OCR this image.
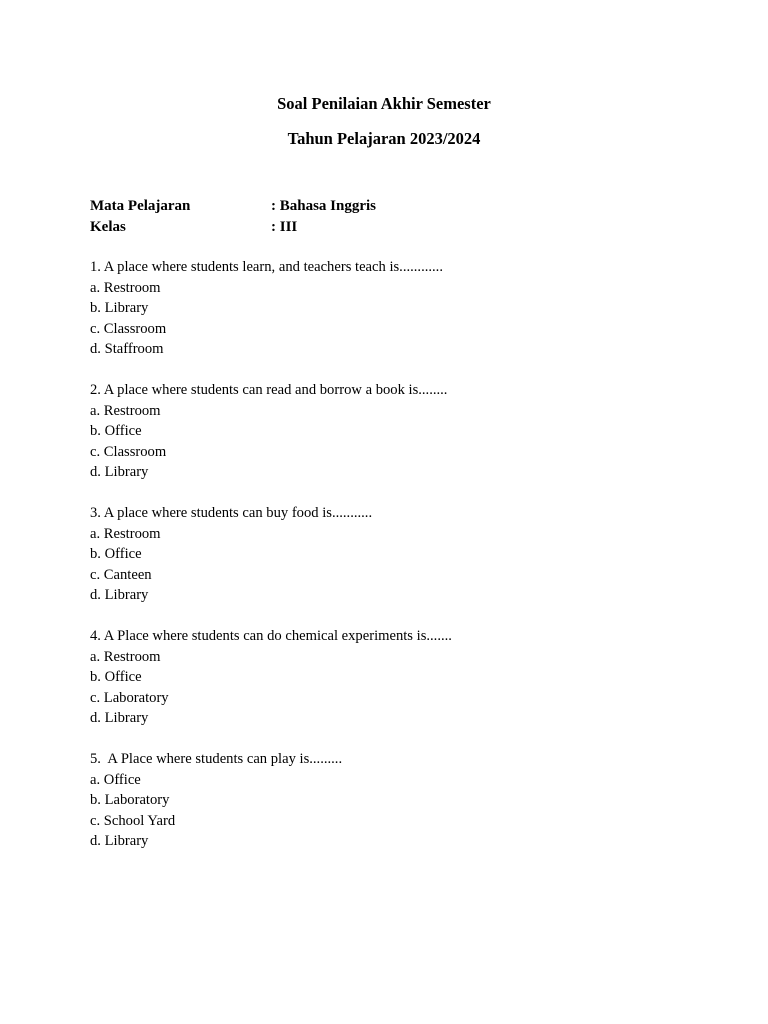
Soal Penilaian Akhir Semester
Tahun Pelajaran 2023/2024
Mata Pelajaran	: Bahasa Inggris
Kelas	: III
1. A place where students learn, and teachers teach is............
a. Restroom
b. Library
c. Classroom
d. Staffroom
2. A place where students can read and borrow a book is........
a. Restroom
b. Office
c. Classroom
d. Library
3. A place where students can buy food is...........
a. Restroom
b. Office
c. Canteen
d. Library
4. A Place where students can do chemical experiments is.......
a. Restroom
b. Office
c. Laboratory
d. Library
5.  A Place where students can play is.........
a. Office
b. Laboratory
c. School Yard
d. Library
